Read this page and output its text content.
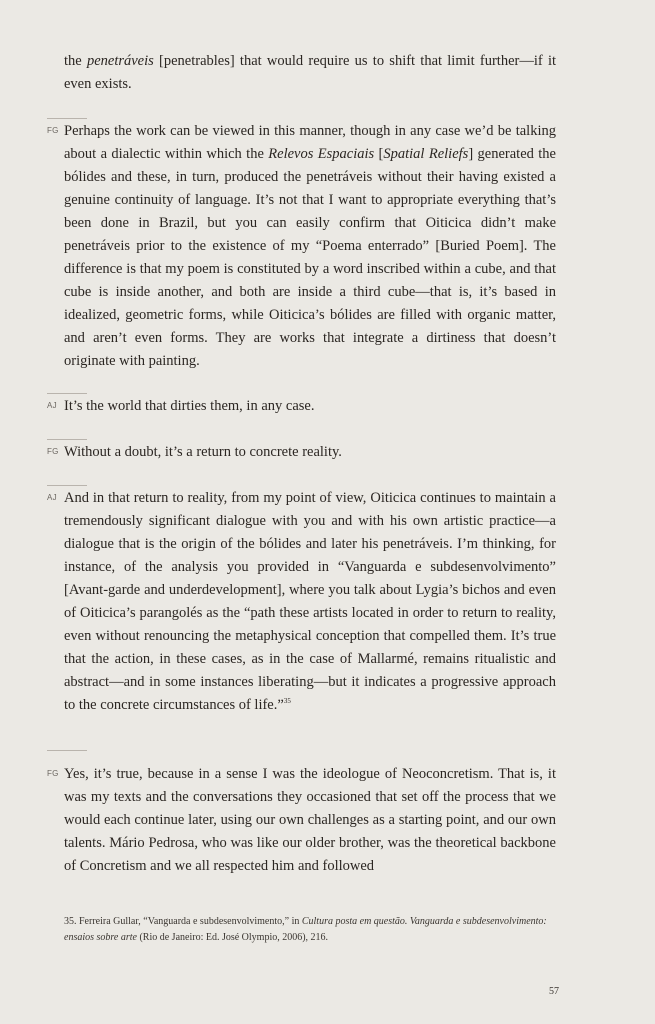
the penetráveis [penetrables] that would require us to shift that limit further—if it even exists.
FG Perhaps the work can be viewed in this manner, though in any case we’d be talking about a dialectic within which the Relevos Espaciais [Spatial Reliefs] generated the bólides and these, in turn, produced the penetráveis without their having existed a genuine continuity of language. It’s not that I want to appropriate everything that’s been done in Brazil, but you can easily confirm that Oiticica didn’t make penetráveis prior to the existence of my “Poema enterrado” [Buried Poem]. The difference is that my poem is constituted by a word inscribed within a cube, and that cube is inside another, and both are inside a third cube—that is, it’s based in idealized, geometric forms, while Oiticica’s bólides are filled with organic matter, and aren’t even forms. They are works that integrate a dirtiness that doesn’t originate with painting.
AJ It’s the world that dirties them, in any case.
FG Without a doubt, it’s a return to concrete reality.
AJ And in that return to reality, from my point of view, Oiticica continues to maintain a tremendously significant dialogue with you and with his own artistic practice—a dialogue that is the origin of the bólides and later his penetráveis. I’m thinking, for instance, of the analysis you provided in “Vanguarda e subdesenvolvimento” [Avant-garde and underdevelopment], where you talk about Lygia’s bichos and even of Oiticica’s parangolés as the “path these artists located in order to return to reality, even without renouncing the metaphysical conception that compelled them. It’s true that the action, in these cases, as in the case of Mallarmé, remains ritualistic and abstract—and in some instances liberating—but it indicates a progressive approach to the concrete circumstances of life.”$^{35}$
FG Yes, it’s true, because in a sense I was the ideologue of Neoconcretism. That is, it was my texts and the conversations they occasioned that set off the process that we would each continue later, using our own challenges as a starting point, and our own talents. Mário Pedrosa, who was like our older brother, was the theoretical backbone of Concretism and we all respected him and followed
35. Ferreira Gullar, “Vanguarda e subdesenvolvimento,” in Cultura posta em questão. Vanguarda e subdesenvolvimento: ensaios sobre arte (Rio de Janeiro: Ed. José Olympio, 2006), 216.
57
